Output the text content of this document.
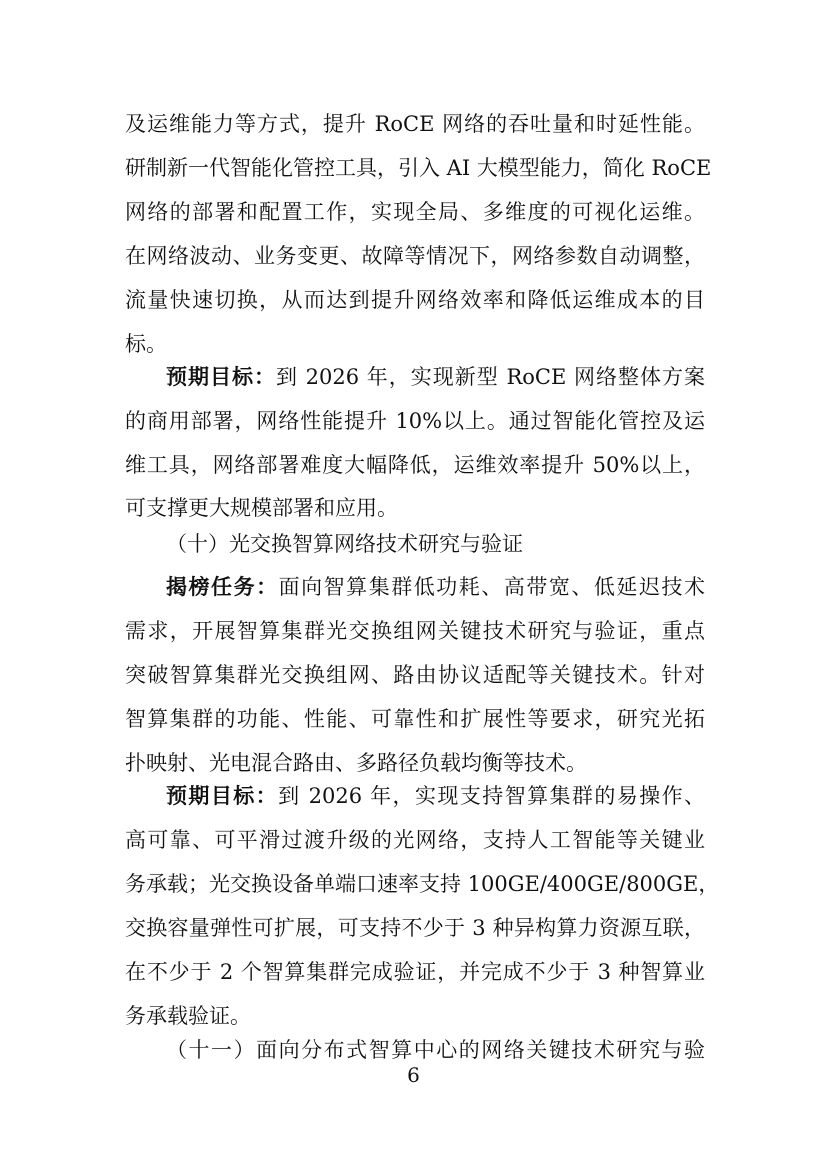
及运维能力等方式，提升 RoCE 网络的吞吐量和时延性能。
研制新一代智能化管控工具，引入 AI 大模型能力，简化 RoCE
网络的部署和配置工作，实现全局、多维度的可视化运维。
在网络波动、业务变更、故障等情况下，网络参数自动调整，
流量快速切换，从而达到提升网络效率和降低运维成本的目
标。
预期目标：到 2026 年，实现新型 RoCE 网络整体方案
的商用部署，网络性能提升 10%以上。通过智能化管控及运
维工具，网络部署难度大幅降低，运维效率提升 50%以上，
可支撑更大规模部署和应用。
（十）光交换智算网络技术研究与验证
揭榜任务：面向智算集群低功耗、高带宽、低延迟技术
需求，开展智算集群光交换组网关键技术研究与验证，重点
突破智算集群光交换组网、路由协议适配等关键技术。针对
智算集群的功能、性能、可靠性和扩展性等要求，研究光拓
扑映射、光电混合路由、多路径负载均衡等技术。
预期目标：到 2026 年，实现支持智算集群的易操作、
高可靠、可平滑过渡升级的光网络，支持人工智能等关键业
务承载；光交换设备单端口速率支持 100GE/400GE/800GE，
交换容量弹性可扩展，可支持不少于 3 种异构算力资源互联，
在不少于 2 个智算集群完成验证，并完成不少于 3 种智算业
务承载验证。
（十一）面向分布式智算中心的网络关键技术研究与验
6
